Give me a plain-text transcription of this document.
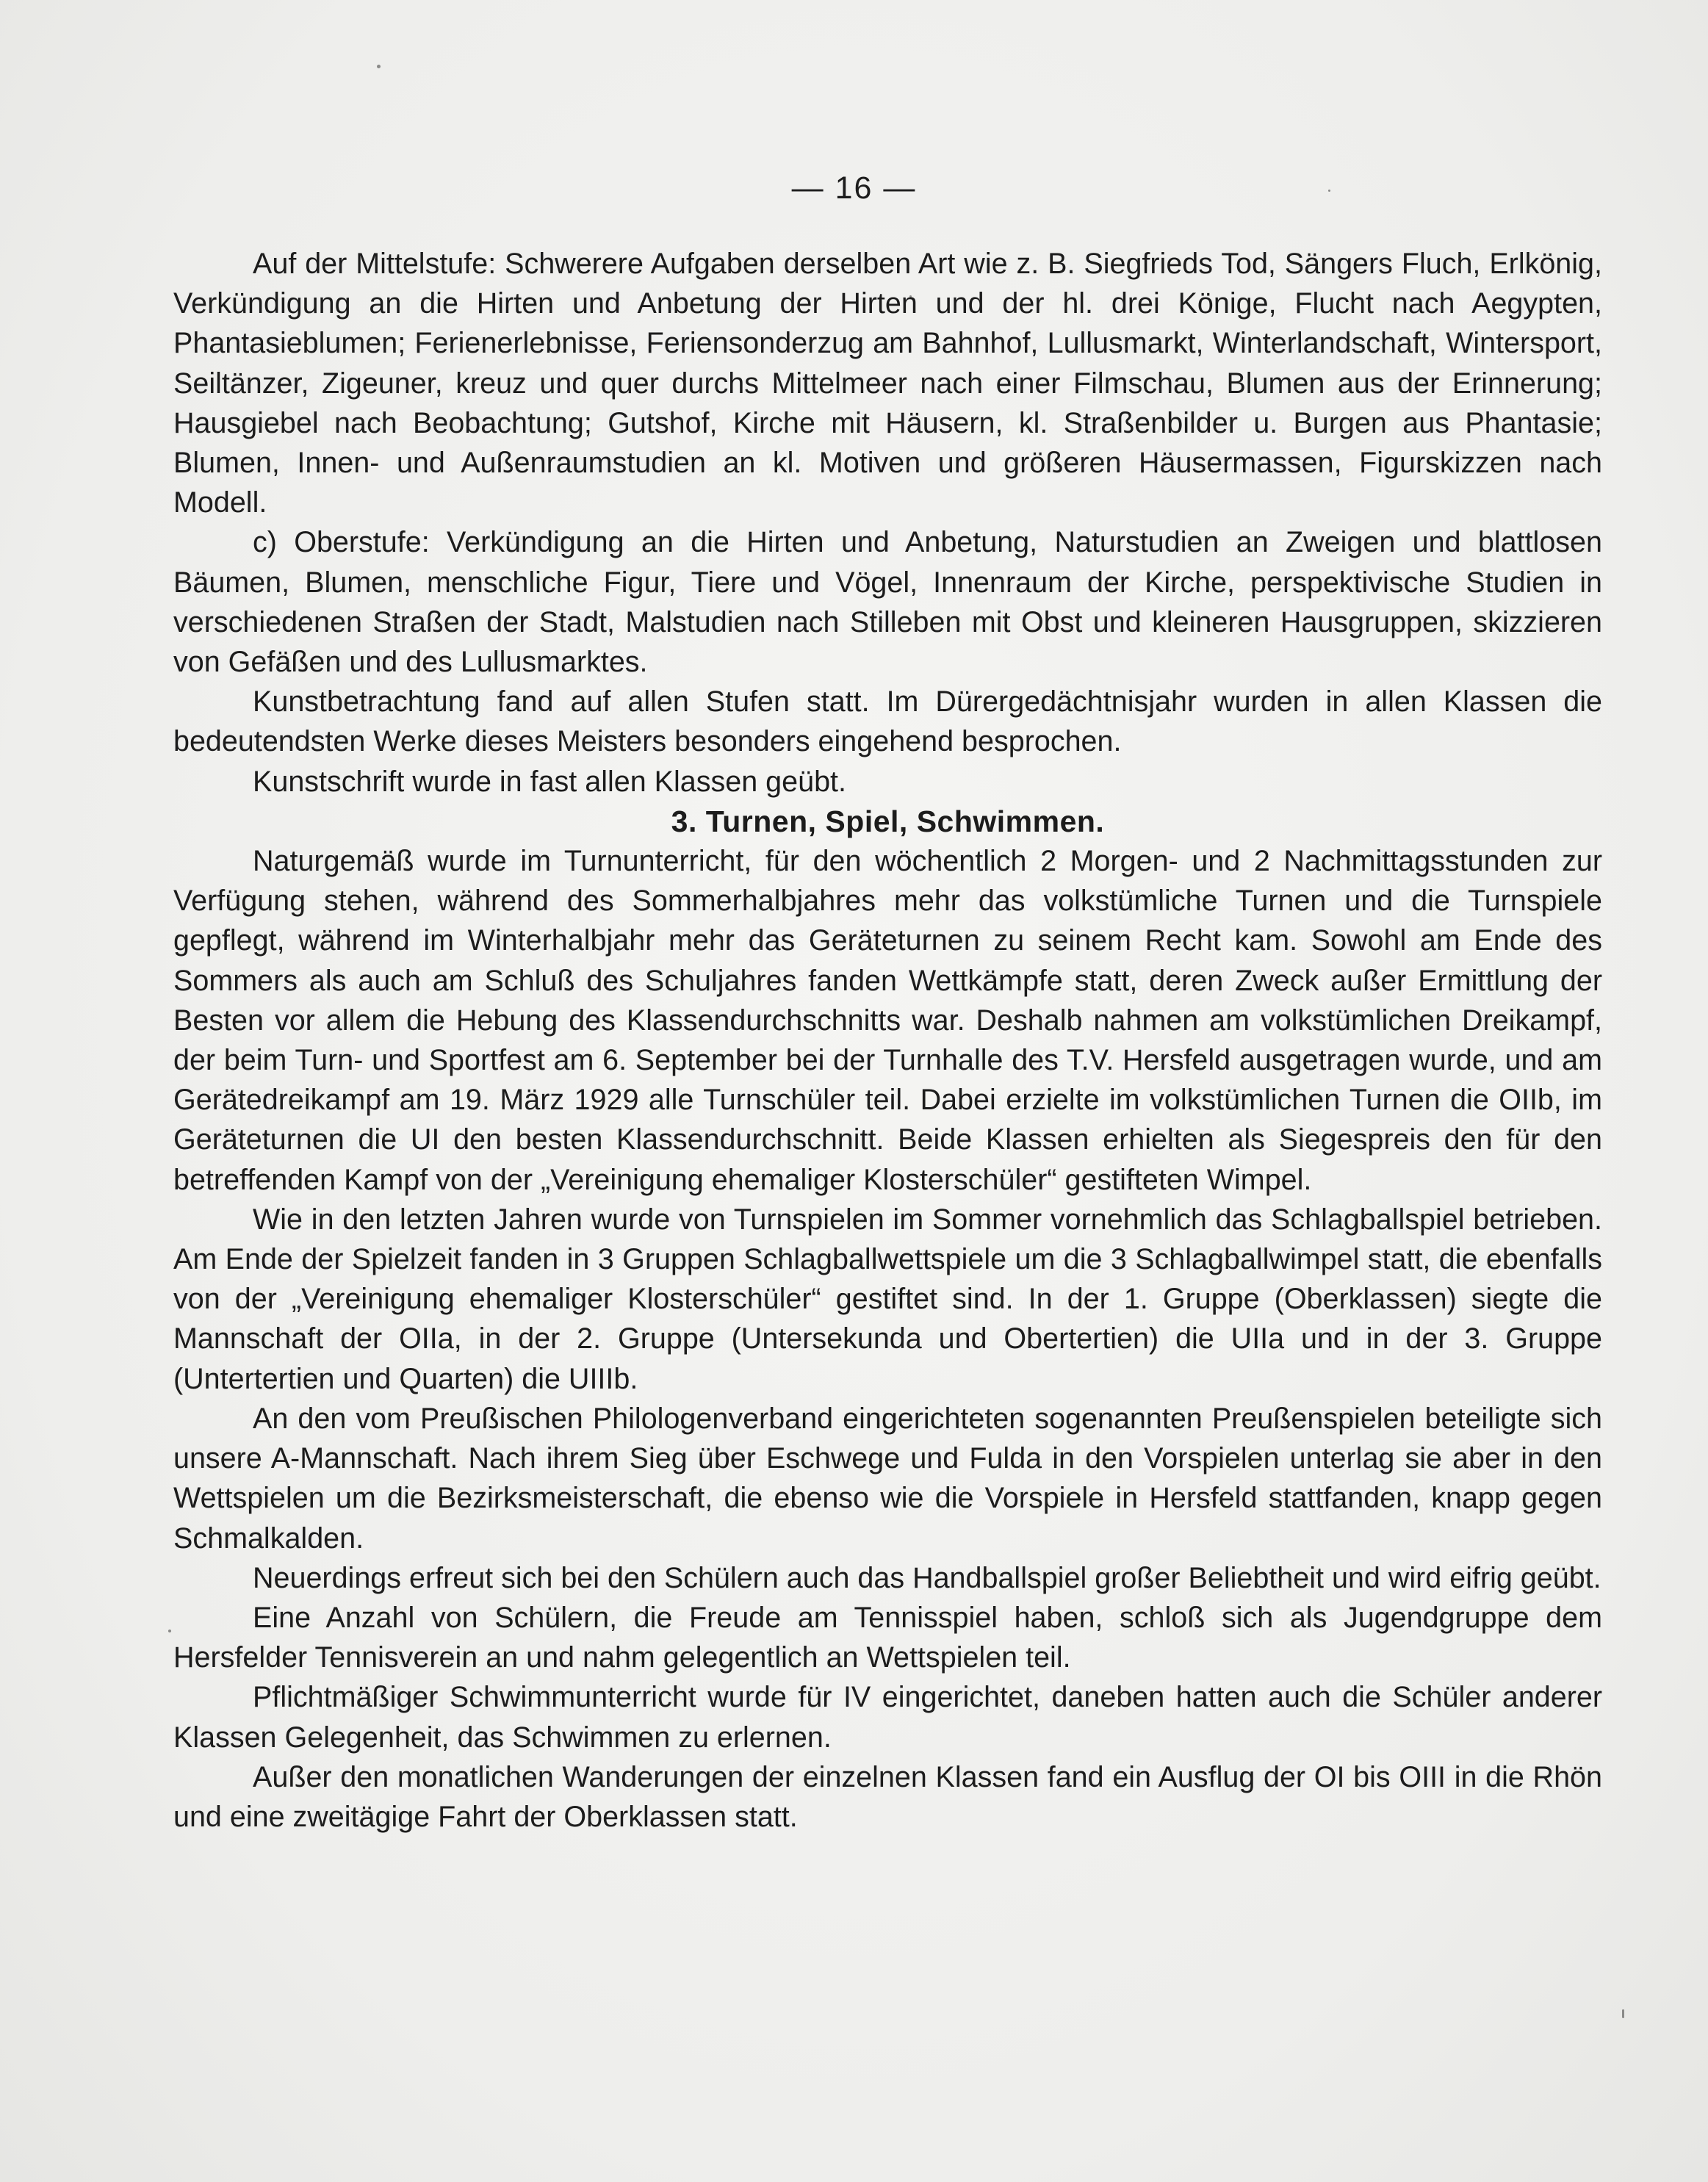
— 16 —

Auf der Mittelstufe: Schwerere Aufgaben derselben Art wie z. B. Siegfrieds Tod, Sängers Fluch, Erlkönig, Verkündigung an die Hirten und Anbetung der Hirten und der hl. drei Könige, Flucht nach Aegypten, Phantasieblumen; Ferienerlebnisse, Feriensonderzug am Bahnhof, Lullusmarkt, Winterlandschaft, Wintersport, Seiltänzer, Zigeuner, kreuz und quer durchs Mittelmeer nach einer Filmschau, Blumen aus der Erinnerung; Hausgiebel nach Beobachtung; Gutshof, Kirche mit Häusern, kl. Straßenbilder u. Burgen aus Phantasie; Blumen, Innen- und Außenraumstudien an kl. Motiven und größeren Häusermassen, Figurskizzen nach Modell.

c) Oberstufe: Verkündigung an die Hirten und Anbetung, Naturstudien an Zweigen und blattlosen Bäumen, Blumen, menschliche Figur, Tiere und Vögel, Innenraum der Kirche, perspektivische Studien in verschiedenen Straßen der Stadt, Malstudien nach Stilleben mit Obst und kleineren Hausgruppen, skizzieren von Gefäßen und des Lullusmarktes.

Kunstbetrachtung fand auf allen Stufen statt. Im Dürergedächtnisjahr wurden in allen Klassen die bedeutendsten Werke dieses Meisters besonders eingehend besprochen.

Kunstschrift wurde in fast allen Klassen geübt.

3. Turnen, Spiel, Schwimmen.

Naturgemäß wurde im Turnunterricht, für den wöchentlich 2 Morgen- und 2 Nachmittagsstunden zur Verfügung stehen, während des Sommerhalbjahres mehr das volkstümliche Turnen und die Turnspiele gepflegt, während im Winterhalbjahr mehr das Geräteturnen zu seinem Recht kam. Sowohl am Ende des Sommers als auch am Schluß des Schuljahres fanden Wettkämpfe statt, deren Zweck außer Ermittlung der Besten vor allem die Hebung des Klassendurchschnitts war. Deshalb nahmen am volkstümlichen Dreikampf, der beim Turn- und Sportfest am 6. September bei der Turnhalle des T.V. Hersfeld ausgetragen wurde, und am Gerätedreikampf am 19. März 1929 alle Turnschüler teil. Dabei erzielte im volkstümlichen Turnen die OIIb, im Geräteturnen die UI den besten Klassendurchschnitt. Beide Klassen erhielten als Siegespreis den für den betreffenden Kampf von der „Vereinigung ehemaliger Klosterschüler“ gestifteten Wimpel.

Wie in den letzten Jahren wurde von Turnspielen im Sommer vornehmlich das Schlagballspiel betrieben. Am Ende der Spielzeit fanden in 3 Gruppen Schlagballwettspiele um die 3 Schlagballwimpel statt, die ebenfalls von der „Vereinigung ehemaliger Klosterschüler“ gestiftet sind. In der 1. Gruppe (Oberklassen) siegte die Mannschaft der OIIa, in der 2. Gruppe (Untersekunda und Obertertien) die UIIa und in der 3. Gruppe (Untertertien und Quarten) die UIIIb.

An den vom Preußischen Philologenverband eingerichteten sogenannten Preußenspielen beteiligte sich unsere A-Mannschaft. Nach ihrem Sieg über Eschwege und Fulda in den Vorspielen unterlag sie aber in den Wettspielen um die Bezirksmeisterschaft, die ebenso wie die Vorspiele in Hersfeld stattfanden, knapp gegen Schmalkalden.

Neuerdings erfreut sich bei den Schülern auch das Handballspiel großer Beliebtheit und wird eifrig geübt.

Eine Anzahl von Schülern, die Freude am Tennisspiel haben, schloß sich als Jugendgruppe dem Hersfelder Tennisverein an und nahm gelegentlich an Wettspielen teil.

Pflichtmäßiger Schwimmunterricht wurde für IV eingerichtet, daneben hatten auch die Schüler anderer Klassen Gelegenheit, das Schwimmen zu erlernen.

Außer den monatlichen Wanderungen der einzelnen Klassen fand ein Ausflug der OI bis OIII in die Rhön und eine zweitägige Fahrt der Oberklassen statt.
